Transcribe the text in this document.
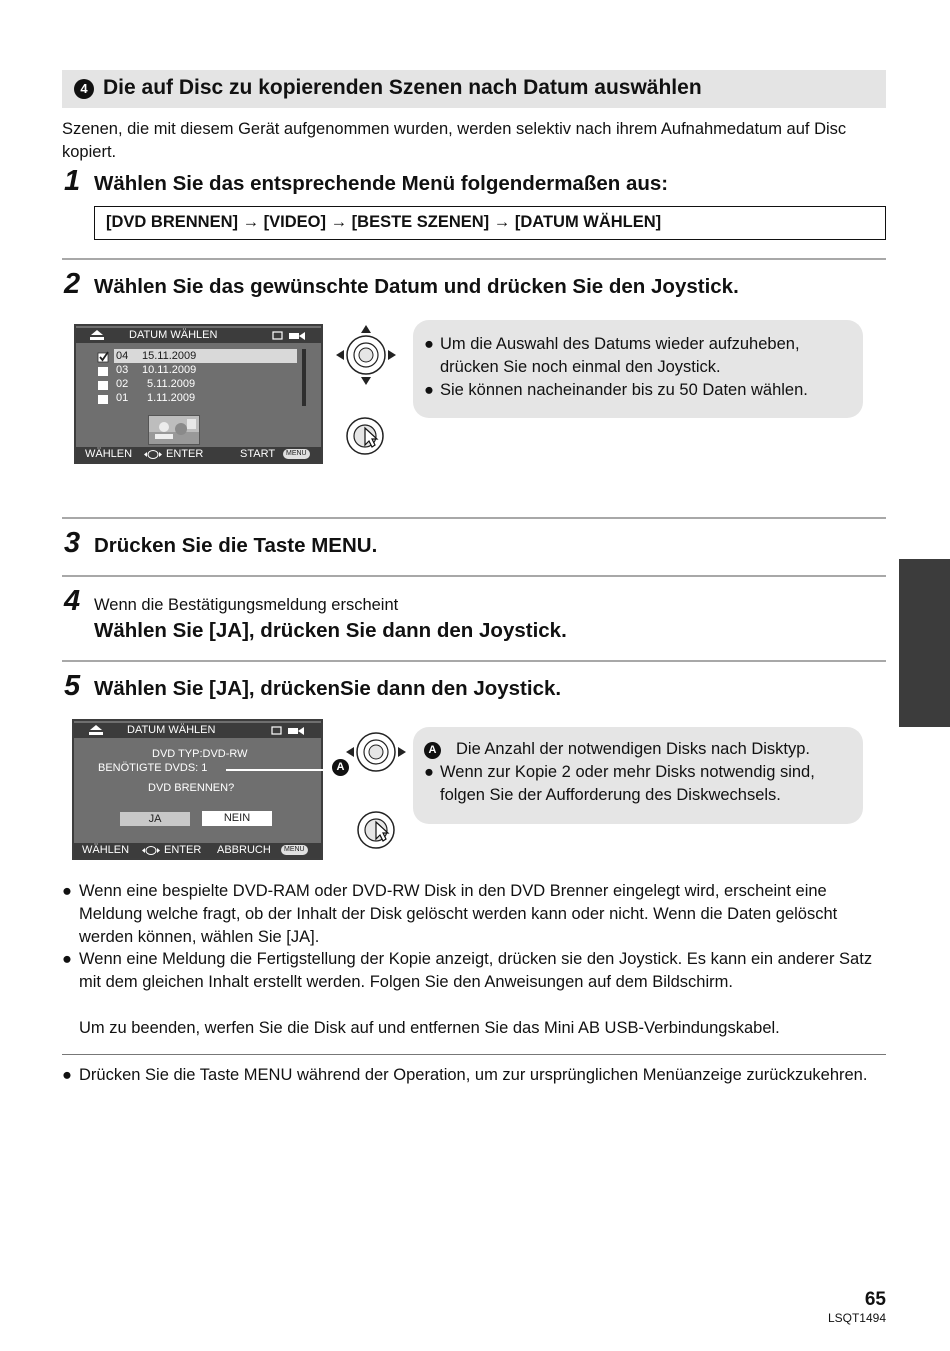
4 Die auf Disc zu kopierenden Szenen nach Datum auswählen
Szenen, die mit diesem Gerät aufgenommen wurden, werden selektiv nach ihrem Aufnahmedatum auf Disc kopiert.
1 Wählen Sie das entsprechende Menü folgendermaßen aus:
[DVD BRENNEN] → [VIDEO] → [BESTE SZENEN] → [DATUM WÄHLEN]
2 Wählen Sie das gewünschte Datum und drücken Sie den Joystick.
DATUM WÄHLEN
04 15.11.2009
03 10.11.2009
02 5.11.2009
01 1.11.2009
WÄHLEN	ENTER	START	MENU
● Um die Auswahl des Datums wieder aufzuheben, drücken Sie noch einmal den Joystick.
● Sie können nacheinander bis zu 50 Daten wählen.
3 Drücken Sie die Taste MENU.
4 Wenn die Bestätigungsmeldung erscheint
Wählen Sie [JA], drücken Sie dann den Joystick.
5 Wählen Sie [JA], drückenSie dann den Joystick.
DATUM WÄHLEN
DVD TYP:DVD-RW
BENÖTIGTE DVDS: 1
DVD BRENNEN?
JA	NEIN
WÄHLEN	ENTER ABBRUCH	MENU
A
A Die Anzahl der notwendigen Disks nach Disktyp.
● Wenn zur Kopie 2 oder mehr Disks notwendig sind, folgen Sie der Aufforderung des Diskwechsels.
● Wenn eine bespielte DVD-RAM oder DVD-RW Disk in den DVD Brenner eingelegt wird, erscheint eine Meldung welche fragt, ob der Inhalt der Disk gelöscht werden kann oder nicht. Wenn die Daten gelöscht werden können, wählen Sie [JA].
● Wenn eine Meldung die Fertigstellung der Kopie anzeigt, drücken sie den Joystick. Es kann ein anderer Satz mit dem gleichen Inhalt erstellt werden. Folgen Sie den Anweisungen auf dem Bildschirm.
Um zu beenden, werfen Sie die Disk auf und entfernen Sie das Mini AB USB-Verbindungskabel.
● Drücken Sie die Taste MENU während der Operation, um zur ursprünglichen Menüanzeige zurückzukehren.
65
LSQT1494
